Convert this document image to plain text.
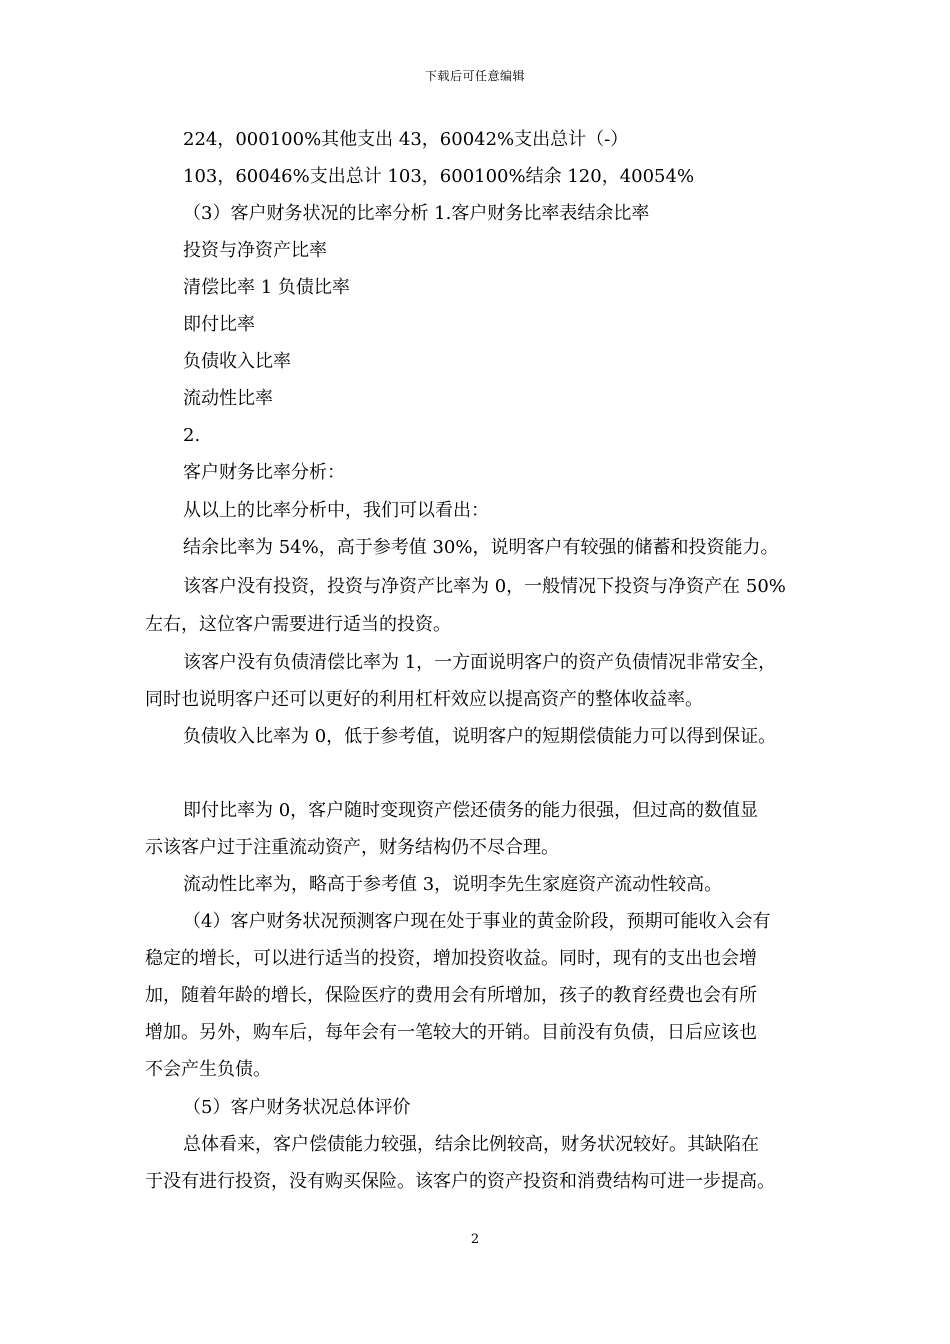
下载后可任意编辑
224，000100%其他支出 43，60042%支出总计（-）
103，60046%支出总计 103，600100%结余 120，40054%
（3）客户财务状况的比率分析 1.客户财务比率表结余比率
投资与净资产比率
清偿比率 1 负债比率
即付比率
负债收入比率
流动性比率
2.
客户财务比率分析：
从以上的比率分析中，我们可以看出：
结余比率为 54%，高于参考值 30%，说明客户有较强的储蓄和投资能力。
该客户没有投资，投资与净资产比率为 0，一般情况下投资与净资产在 50%
左右，这位客户需要进行适当的投资。
该客户没有负债清偿比率为 1，一方面说明客户的资产负债情况非常安全，
同时也说明客户还可以更好的利用杠杆效应以提高资产的整体收益率。
负债收入比率为 0，低于参考值，说明客户的短期偿债能力可以得到保证。
即付比率为 0，客户随时变现资产偿还债务的能力很强，但过高的数值显
示该客户过于注重流动资产，财务结构仍不尽合理。
流动性比率为，略高于参考值 3，说明李先生家庭资产流动性较高。
（4）客户财务状况预测客户现在处于事业的黄金阶段，预期可能收入会有
稳定的增长，可以进行适当的投资，增加投资收益。同时，现有的支出也会增
加，随着年龄的增长，保险医疗的费用会有所增加，孩子的教育经费也会有所
增加。另外，购车后，每年会有一笔较大的开销。目前没有负债，日后应该也
不会产生负债。
（5）客户财务状况总体评价
总体看来，客户偿债能力较强，结余比例较高，财务状况较好。其缺陷在
于没有进行投资，没有购买保险。该客户的资产投资和消费结构可进一步提高。
2
